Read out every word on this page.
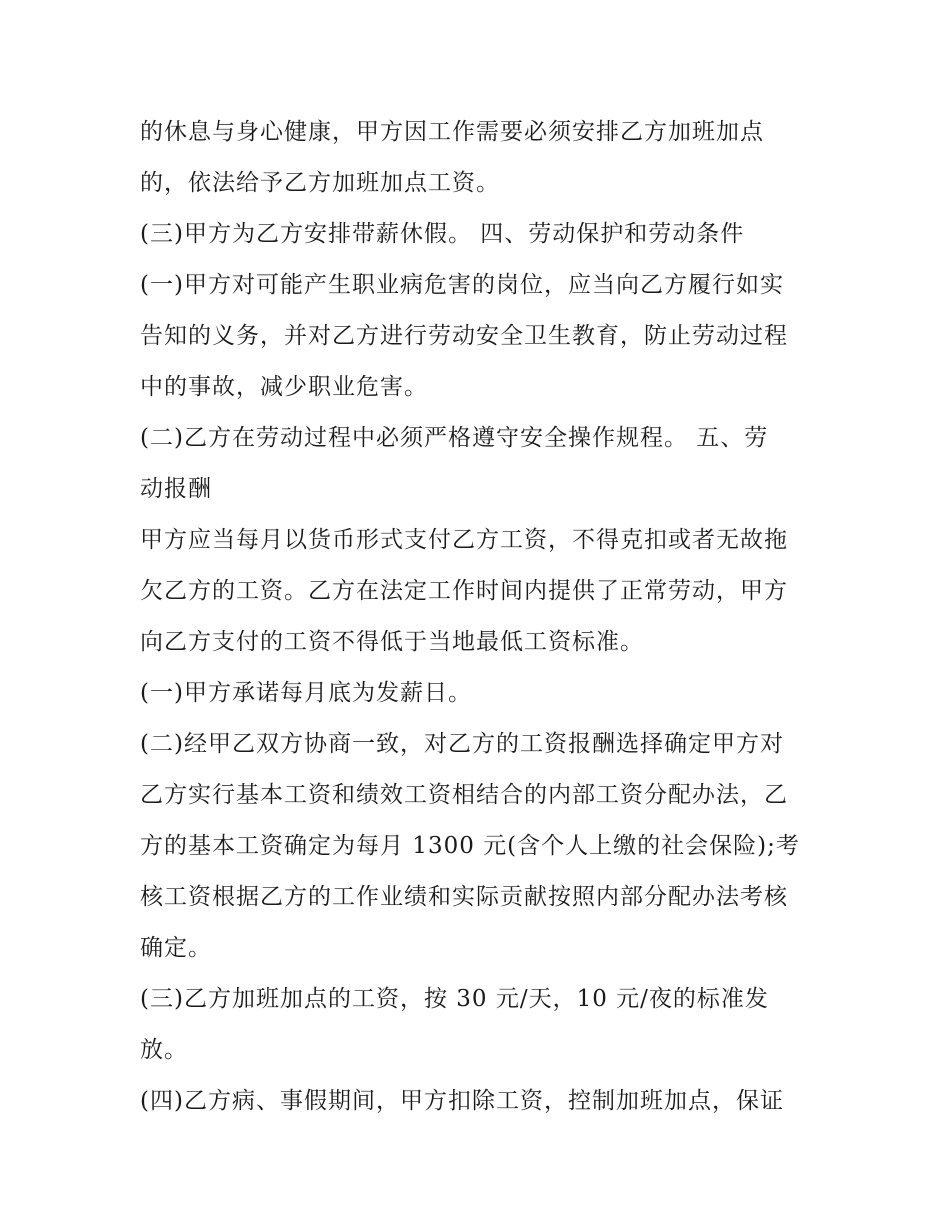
的休息与身心健康，甲方因工作需要必须安排乙方加班加点
的，依法给予乙方加班加点工资。
(三)甲方为乙方安排带薪休假。 四、劳动保护和劳动条件
(一)甲方对可能产生职业病危害的岗位，应当向乙方履行如实
告知的义务，并对乙方进行劳动安全卫生教育，防止劳动过程
中的事故，减少职业危害。
(二)乙方在劳动过程中必须严格遵守安全操作规程。 五、劳
动报酬
甲方应当每月以货币形式支付乙方工资，不得克扣或者无故拖
欠乙方的工资。乙方在法定工作时间内提供了正常劳动，甲方
向乙方支付的工资不得低于当地最低工资标准。
(一)甲方承诺每月底为发薪日。
(二)经甲乙双方协商一致，对乙方的工资报酬选择确定甲方对
乙方实行基本工资和绩效工资相结合的内部工资分配办法，乙
方的基本工资确定为每月 1300 元(含个人上缴的社会保险);考
核工资根据乙方的工作业绩和实际贡献按照内部分配办法考核
确定。
(三)乙方加班加点的工资，按 30 元/天，10 元/夜的标准发
放。
(四)乙方病、事假期间，甲方扣除工资，控制加班加点，保证
